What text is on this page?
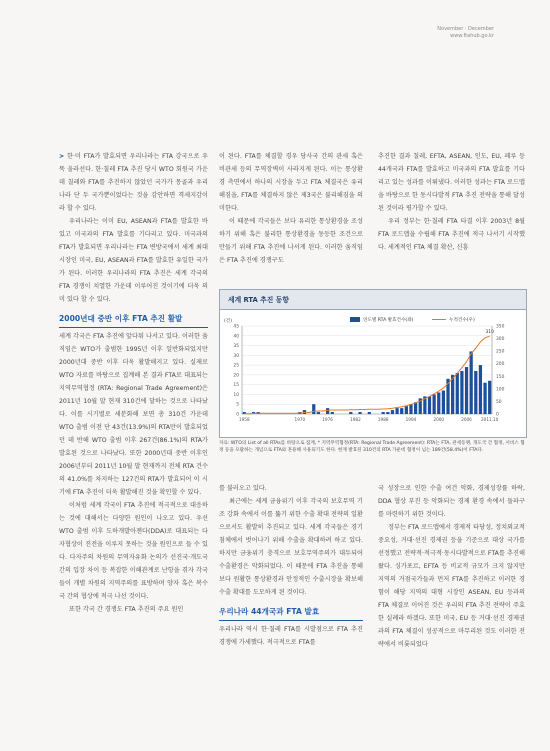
November · December
www.ftahub.go.kr

> 한·미 FTA가 발효되면 우리나라는 FTA 강국으로 우뚝 올라선다. 한·칠레 FTA 추진 당시 WTO 회원국 가운데 칠레와 FTA를 추진하지 않았던 국가가 몽골과 우리나라 단 두 국가뿐이었다는 것을 감안하면 격세지감이라 할 수 있다.

우리나라는 이미 EU, ASEAN과 FTA를 발효한 바 있고 미국과의 FTA 발효를 기다리고 있다. 미국과의 FTA가 발효되면 우리나라는 FTA 변방국에서 세계 최대 시장인 미국, EU, ASEAN과 FTA를 발효한 유일한 국가가 된다. 이러한 우리나라의 FTA 추진은 세계 각국의 FTA 경쟁이 치열한 가운데 이루어진 것이기에 더욱 의미 있다 할 수 있다.

2000년대 중반 이후 FTA 추진 활발

세계 각국은 FTA 추진에 앞다퉈 나서고 있다. 이러한 움직임은 WTO가 출범한 1995년 이후 일반화되었지만 2000년대 중반 이후 더욱 활발해지고 있다. 실제로 WTO 자료를 바탕으로 집계해 본 결과 FTA로 대표되는 지역무역협정 (RTA: Regional Trade Agreement)은 2011년 10월 말 현재 310건에 달하는 것으로 나타났다. 이를 시기별로 세분화해 보면 총 310건 가운데 WTO 출범 이전 단 43건(13.9%)의 RTA만이 발효되었던 데 반해 WTO 출범 이후 267건(86.1%)의 RTA가 발효된 것으로 나타났다. 또한 2000년대 중반 이후인 2006년부터 2011년 10월 말 현재까지 전체 RTA 건수의 41.0%를 차지하는 127건의 RTA가 발효되어 이 시기에 FTA 추진이 더욱 활발해진 것을 확인할 수 있다.

이처럼 세계 각국이 FTA 추진에 적극적으로 대응하는 것에 대해서는 다양한 원인이 나오고 있다. 우선 WTO 출범 이후 도하개발아젠다(DDA)로 대표되는 다자협상이 진전을 이루지 못하는 것을 원인으로 들 수 있다. 다자주의 차원의 무역자유화 논의가 선진국·개도국 간의 입장 차이 등 복잡한 이해관계로 난항을 겪자 각국들이 개별 차원의 지역주의를 표방하며 양자 혹은 복수국 간의 협상에 적극 나선 것이다.

또한 각국 간 경쟁도 FTA 추진의 주요 원인

이 된다. FTA를 체결할 경우 당사국 간의 관세 혹은 비관세 등의 무역장벽이 사라지게 된다. 이는 통상환경 측면에서 하나의 시장을 두고 FTA 체결국은 유리해짐을, FTA를 체결하지 않은 제3국은 불리해짐을 의미한다.

이 때문에 각국들은 보다 유리한 통상환경을 조성하기 위해 혹은 불리한 통상환경을 동등한 조건으로 만들기 위해 FTA 추진에 나서게 된다. 이러한 움직임은 FTA 추진에 경쟁구도

추진한 결과 칠레, EFTA, ASEAN, 인도, EU, 페루 등 44개국과 FTA를 발효하고 미국과의 FTA 발효를 기다리고 있는 성과를 이뤄냈다. 이러한 성과는 FTA 로드맵을 바탕으로 한 동시다발적 FTA 추진 전략을 통해 달성된 것이라 평가할 수 있다.

우리 정부는 한·칠레 FTA 타결 이후 2003년 8월 FTA 로드맵을 수립해 FTA 추진에 적극 나서기 시작했다. 세계적인 FTA 체결 확산, 신흥

세계 RTA 추진 동향
0
5
10
15
20
25
30
35
40
45
0
50
100
150
200
250
300
350
310
1958	1970	1976	1982	1988	1994	2000	2006 2011.10
(건)	연도별 RTA 발효건수(좌)	누적건수(우)
자료: WTO의 List of all RTAs를 바탕으로 집계, * 지역무역협정(RTA: Regional Trade Agreement): RTA는 FTA, 관세동맹, 개도국 간 협정, 서비스 협정 등을 포괄하는 개념으로 FTA와 혼용해 사용되기도 한다. 현재 발효된 310건의 RTA 가운데 협정이 넘는 189건(58.4%)이 FTA다.

를 불러오고 있다.

최근에는 세계 금융위기 이후 각국의 보호무역 기조 강화 속에서 이를 뚫기 위한 수출 확대 전략의 일환으로서도 활발히 추진되고 있다. 세계 각국들은 경기침체에서 벗어나기 위해 수출을 확대하려 하고 있다. 하지만 금융위기 충격으로 보호무역주의가 대두되어 수출환경은 악화되었다. 이 때문에 FTA 추진을 통해 보다 원활한 통상환경과 안정적인 수출시장을 확보해 수출 확대를 도모하게 된 것이다.

우리나라 44개국과 FTA 발효

우리나라 역시 한·칠레 FTA를 시발점으로 FTA 추진 경쟁에 가세했다. 적극적으로 FTA를

국 성장으로 인한 수출 여건 악화, 경제성장률 하락, DDA 협상 부진 등 악화되는 경제 환경 속에서 돌파구를 마련하기 위한 것이다.

정부는 FTA 로드맵에서 경제적 타당성, 정치외교적 중요성, 거대·선진 경제권 등을 기준으로 대상 국가를 선정했고 전략적·적극적·동시다발적으로 FTA를 추진해 왔다. 싱가포르, EFTA 등 비교적 규모가 크지 않지만 지역의 거점국가들과 먼저 FTA를 추진하고 이러한 경험이 해당 지역의 대형 시장인 ASEAN, EU 등과의 FTA 체결로 이어진 것은 우리의 FTA 추진 전략이 주효한 실례라 하겠다. 또한 미국, EU 등 거대·선진 경제권과의 FTA 체결이 성공적으로 마무리된 것도 이러한 전략에서 비롯되었다
